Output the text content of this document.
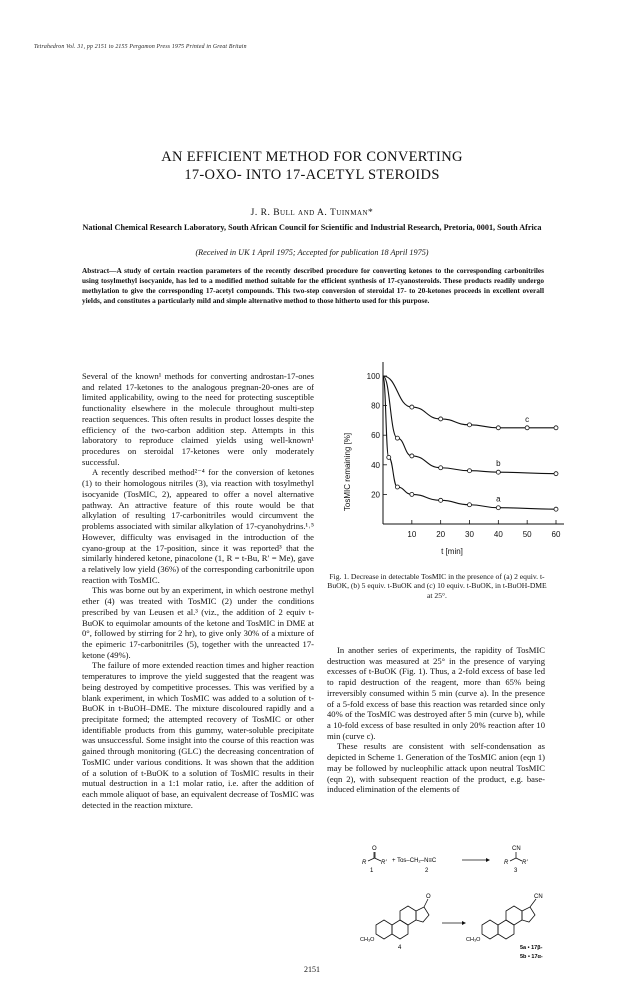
Tetrahedron Vol. 31, pp 2151 to 2155 Pergamon Press 1975 Printed in Great Britain
AN EFFICIENT METHOD FOR CONVERTING
17-OXO- INTO 17-ACETYL STEROIDS
J. R. Bull and A. Tuinman*
National Chemical Research Laboratory, South African Council for Scientific and Industrial Research, Pretoria, 0001, South Africa
(Received in UK 1 April 1975; Accepted for publication 18 April 1975)
Abstract—A study of certain reaction parameters of the recently described procedure for converting ketones to the corresponding carbonitriles using tosylmethyl isocyanide, has led to a modified method suitable for the efficient synthesis of 17-cyanosteroids. These products readily undergo methylation to give the corresponding 17-acetyl compounds. This two-step conversion of steroidal 17- to 20-ketones proceeds in excellent overall yields, and constitutes a particularly mild and simple alternative method to those hitherto used for this purpose.

Several of the known¹ methods for converting androstan-17-ones and related 17-ketones to the analogous pregnan-20-ones are of limited applicability, owing to the need for protecting susceptible functionality elsewhere in the molecule throughout multi-step reaction sequences. This often results in product losses despite the efficiency of the two-carbon addition step. Attempts in this laboratory to reproduce claimed yields using well-known¹ procedures on steroidal 17-ketones were only moderately successful.

A recently described method²⁻⁴ for the conversion of ketones (1) to their homologous nitriles (3), via reaction with tosylmethyl isocyanide (TosMIC, 2), appeared to offer a novel alternative pathway. An attractive feature of this route would be that alkylation of resulting 17-carbonitriles would circumvent the problems associated with similar alkylation of 17-cyanohydrins.¹˒⁵ However, difficulty was envisaged in the introduction of the cyano-group at the 17-position, since it was reported³ that the similarly hindered ketone, pinacolone (1, R = t-Bu, R′ = Me), gave a relatively low yield (36%) of the corresponding carbonitrile upon reaction with TosMIC.

This was borne out by an experiment, in which oestrone methyl ether (4) was treated with TosMIC (2) under the conditions prescribed by van Leusen et al.³ (viz., the addition of 2 equiv t-BuOK to equimolar amounts of the ketone and TosMIC in DME at 0°, followed by stirring for 2 hr), to give only 30% of a mixture of the epimeric 17-carbonitriles (5), together with the unreacted 17-ketone (49%).

The failure of more extended reaction times and higher reaction temperatures to improve the yield suggested that the reagent was being destroyed by competitive processes. This was verified by a blank experiment, in which TosMIC was added to a solution of t-BuOK in t-BuOH–DME. The mixture discoloured rapidly and a precipitate formed; the attempted recovery of TosMIC or other identifiable products from this gummy, water-soluble precipitate was unsuccessful. Some insight into the course of this reaction was gained through monitoring (GLC) the decreasing concentration of TosMIC under various conditions. It was shown that the addition of a solution of t-BuOK to a solution of TosMIC results in their mutual destruction in a 1:1 molar ratio, i.e. after the addition of each mmole aliquot of base, an equivalent decrease of TosMIC was detected in the reaction mixture.

100
80
60
40
20
10 20 30 40 50 60
c
b
a
TosMIC remaining [%]
t [min]
Fig. 1. Decrease in detectable TosMIC in the presence of (a) 2 equiv. t-BuOK, (b) 5 equiv. t-BuOK and (c) 10 equiv. t-BuOK, in t-BuOH-DME at 25°.

In another series of experiments, the rapidity of TosMIC destruction was measured at 25° in the presence of varying excesses of t-BuOK (Fig. 1). Thus, a 2-fold excess of base led to rapid destruction of the reagent, more than 65% being irreversibly consumed within 5 min (curve a). In the presence of a 5-fold excess of base this reaction was retarded since only 40% of the TosMIC was destroyed after 5 min (curve b), while a 10-fold excess of base resulted in only 20% reaction after 10 min (curve c).

These results are consistent with self-condensation as depicted in Scheme 1. Generation of the TosMIC anion (eqn 1) may be followed by nucleophilic attack upon neutral TosMIC (eqn 2), with subsequent reaction of the product, e.g. base-induced elimination of the elements of

O
R R′ + Tos–CH₂–N≡C
CN
R R′
1	2	3
O
CH₃O
4
CN
CH₃O
5a • 17β-
5b • 17α-
2151
